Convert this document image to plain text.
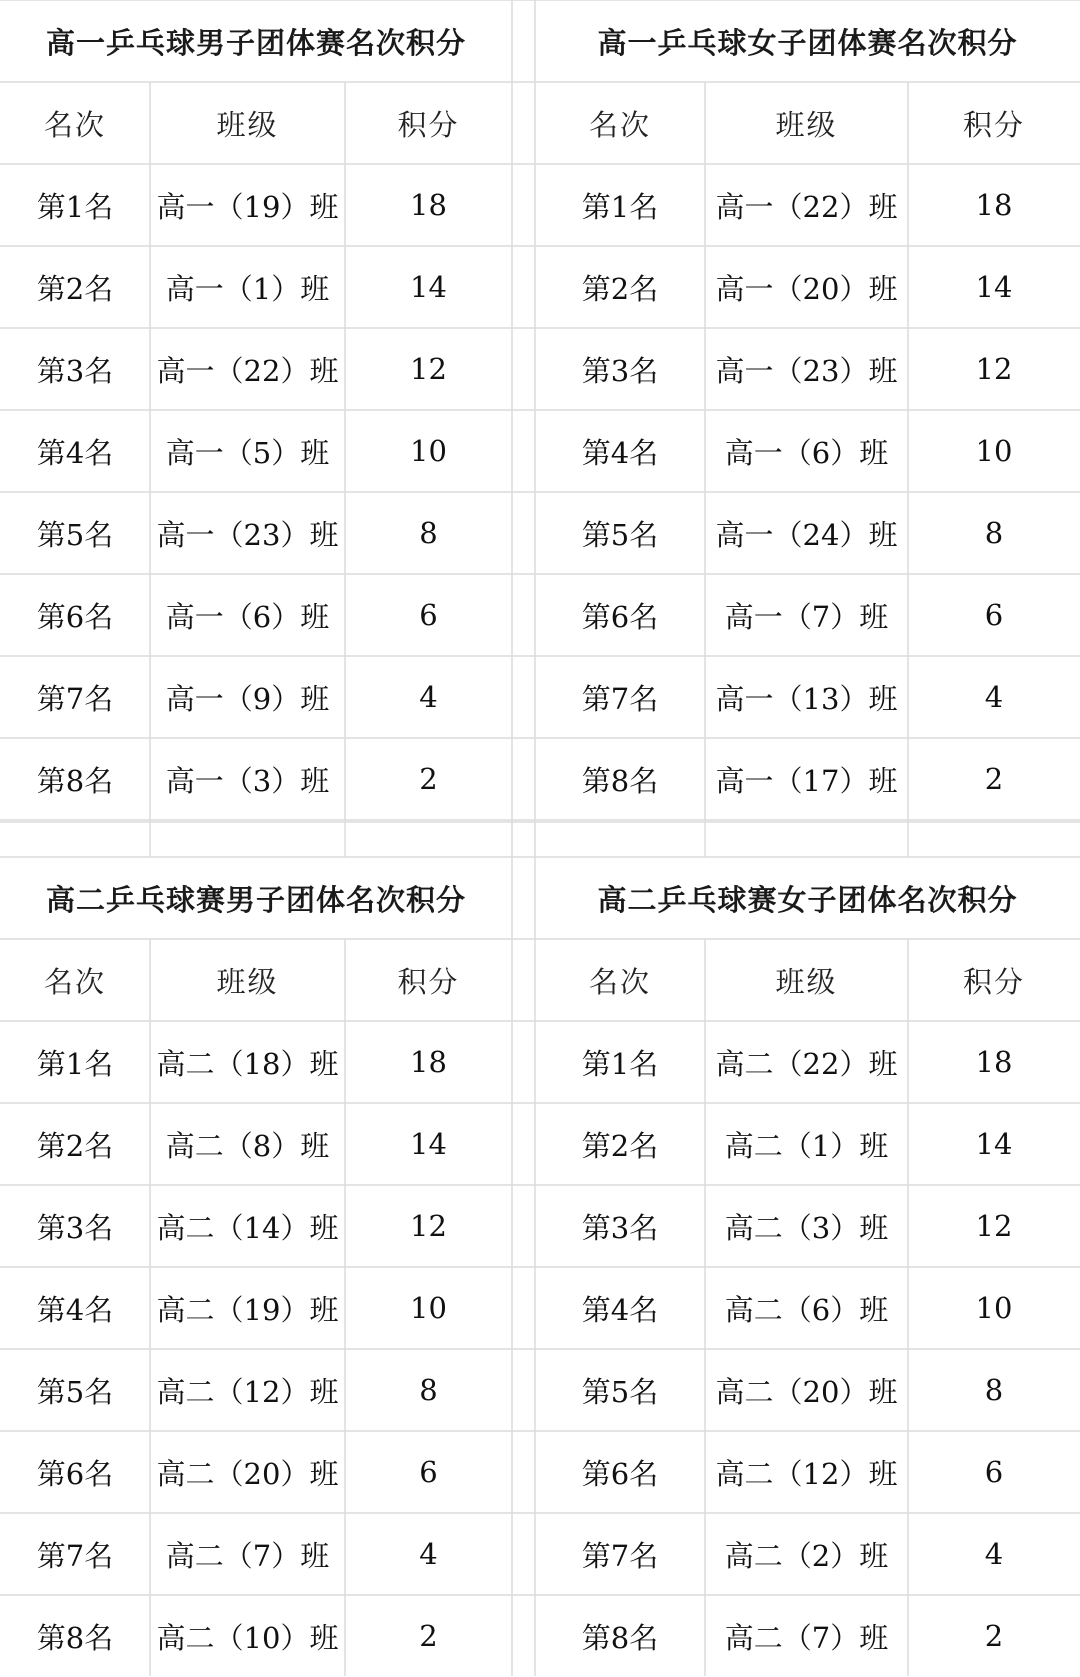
高一乒乓球男子团体赛名次积分
名次	班级	积分
第1名	高一（19）班	18
第2名	高一（1）班	14
第3名	高一（22）班	12
第4名	高一（5）班	10
第5名	高一（23）班	8
第6名	高一（6）班	6
第7名	高一（9）班	4
第8名	高一（3）班	2
高一乒乓球女子团体赛名次积分
名次	班级	积分
第1名	高一（22）班	18
第2名	高一（20）班	14
第3名	高一（23）班	12
第4名	高一（6）班	10
第5名	高一（24）班	8
第6名	高一（7）班	6
第7名	高一（13）班	4
第8名	高一（17）班	2
高二乒乓球赛男子团体名次积分
名次	班级	积分
第1名	高二（18）班	18
第2名	高二（8）班	14
第3名	高二（14）班	12
第4名	高二（19）班	10
第5名	高二（12）班	8
第6名	高二（20）班	6
第7名	高二（7）班	4
第8名	高二（10）班	2
高二乒乓球赛女子团体名次积分
名次	班级	积分
第1名	高二（22）班	18
第2名	高二（1）班	14
第3名	高二（3）班	12
第4名	高二（6）班	10
第5名	高二（20）班	8
第6名	高二（12）班	6
第7名	高二（2）班	4
第8名	高二（7）班	2
